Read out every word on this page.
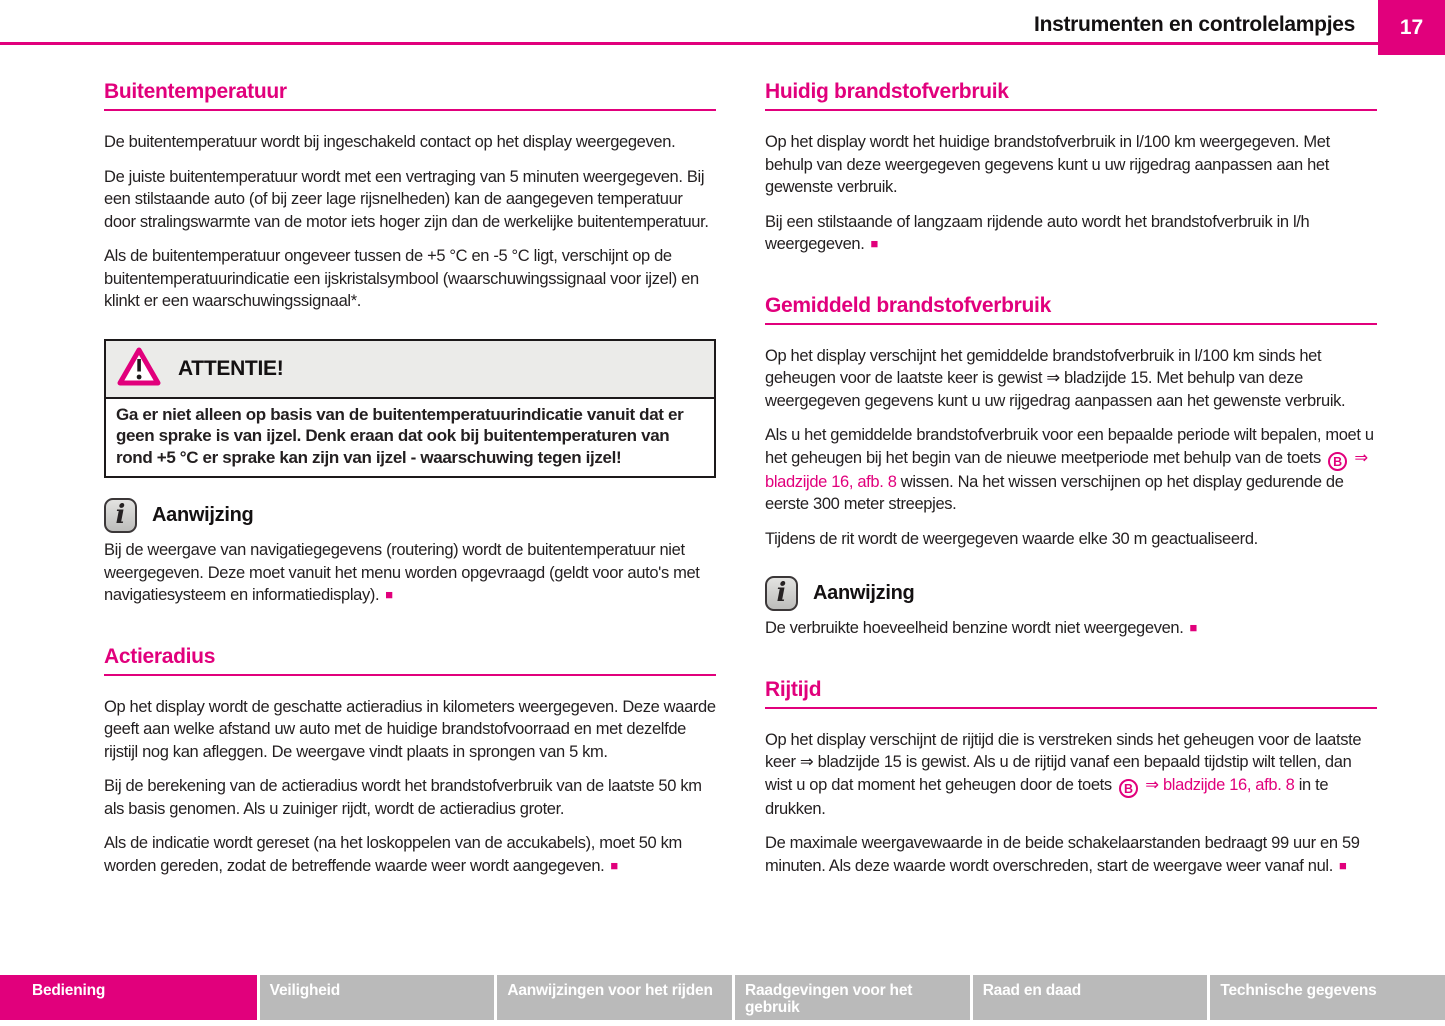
Instrumenten en controlelampjes 17
Buitentemperatuur

De buitentemperatuur wordt bij ingeschakeld contact op het display weergegeven.

De juiste buitentemperatuur wordt met een vertraging van 5 minuten weergegeven. Bij een stilstaande auto (of bij zeer lage rijsnelheden) kan de aangegeven temperatuur door stralingswarmte van de motor iets hoger zijn dan de werkelijke buitentemperatuur.

Als de buitentemperatuur ongeveer tussen de +5 °C en -5 °C ligt, verschijnt op de buitentemperatuurindicatie een ijskristalsymbool (waarschuwingssignaal voor ijzel) en klinkt er een waarschuwingssignaal*.

ATTENTIE!

Ga er niet alleen op basis van de buitentemperatuurindicatie vanuit dat er geen sprake is van ijzel. Denk eraan dat ook bij buitentemperaturen van rond +5 °C er sprake kan zijn van ijzel - waarschuwing tegen ijzel!

i Aanwijzing

Bij de weergave van navigatiegegevens (routering) wordt de buitentemperatuur niet weergegeven. Deze moet vanuit het menu worden opgevraagd (geldt voor auto's met navigatiesysteem en informatiedisplay). ■

Actieradius

Op het display wordt de geschatte actieradius in kilometers weergegeven. Deze waarde geeft aan welke afstand uw auto met de huidige brandstofvoorraad en met dezelfde rijstijl nog kan afleggen. De weergave vindt plaats in sprongen van 5 km.

Bij de berekening van de actieradius wordt het brandstofverbruik van de laatste 50 km als basis genomen. Als u zuiniger rijdt, wordt de actieradius groter.

Als de indicatie wordt gereset (na het loskoppelen van de accukabels), moet 50 km worden gereden, zodat de betreffende waarde weer wordt aangegeven. ■

Huidig brandstofverbruik

Op het display wordt het huidige brandstofverbruik in l/100 km weergegeven. Met behulp van deze weergegeven gegevens kunt u uw rijgedrag aanpassen aan het gewenste verbruik.

Bij een stilstaande of langzaam rijdende auto wordt het brandstofverbruik in l/h weergegeven. ■

Gemiddeld brandstofverbruik

Op het display verschijnt het gemiddelde brandstofverbruik in l/100 km sinds het geheugen voor de laatste keer is gewist ⇒ bladzijde 15. Met behulp van deze weergegeven gegevens kunt u uw rijgedrag aanpassen aan het gewenste verbruik.

Als u het gemiddelde brandstofverbruik voor een bepaalde periode wilt bepalen, moet u het geheugen bij het begin van de nieuwe meetperiode met behulp van de toets B ⇒ bladzijde 16, afb. 8 wissen. Na het wissen verschijnen op het display gedurende de eerste 300 meter streepjes.

Tijdens de rit wordt de weergegeven waarde elke 30 m geactualiseerd.

i Aanwijzing

De verbruikte hoeveelheid benzine wordt niet weergegeven. ■

Rijtijd

Op het display verschijnt de rijtijd die is verstreken sinds het geheugen voor de laatste keer ⇒ bladzijde 15 is gewist. Als u de rijtijd vanaf een bepaald tijdstip wilt tellen, dan wist u op dat moment het geheugen door de toets B ⇒ bladzijde 16, afb. 8 in te drukken.

De maximale weergavewaarde in de beide schakelaarstanden bedraagt 99 uur en 59 minuten. Als deze waarde wordt overschreden, start de weergave weer vanaf nul. ■

Bediening	Veiligheid	Aanwijzingen voor het rijden	Raadgevingen voor het gebruik
Raad en daad	Technische gegevens
